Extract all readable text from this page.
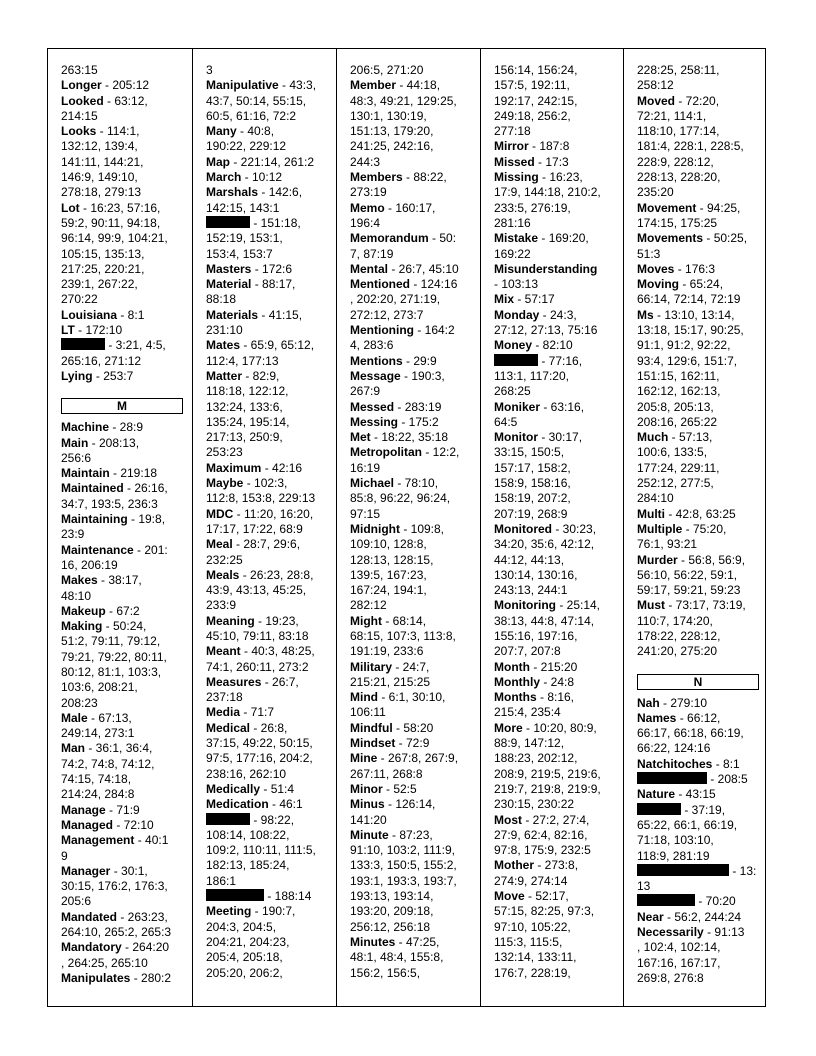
263:15
Longer - 205:12
Looked - 63:12,
214:15
Looks - 114:1,
132:12, 139:4,
141:11, 144:21,
146:9, 149:10,
278:18, 279:13
Lot - 16:23, 57:16,
59:2, 90:11, 94:18,
96:14, 99:9, 104:21,
105:15, 135:13,
217:25, 220:21,
239:1, 267:22,
270:22
Louisiana - 8:1
LT - 172:10
- 3:21, 4:5,
265:16, 271:12
Lying - 253:7
M
Machine - 28:9
Main - 208:13,
256:6
Maintain - 219:18
Maintained - 26:16,
34:7, 193:5, 236:3
Maintaining - 19:8,
23:9
Maintenance - 201:
16, 206:19
Makes - 38:17,
48:10
Makeup - 67:2
Making - 50:24,
51:2, 79:11, 79:12,
79:21, 79:22, 80:11,
80:12, 81:1, 103:3,
103:6, 208:21,
208:23
Male - 67:13,
249:14, 273:1
Man - 36:1, 36:4,
74:2, 74:8, 74:12,
74:15, 74:18,
214:24, 284:8
Manage - 71:9
Managed - 72:10
Management - 40:1
9
Manager - 30:1,
30:15, 176:2, 176:3,
205:6
Mandated - 263:23,
264:10, 265:2, 265:3
Mandatory - 264:20
, 264:25, 265:10
Manipulates - 280:2
3
Manipulative - 43:3,
43:7, 50:14, 55:15,
60:5, 61:16, 72:2
Many - 40:8,
190:22, 229:12
Map - 221:14, 261:2
March - 10:12
Marshals - 142:6,
142:15, 143:1
- 151:18,
152:19, 153:1,
153:4, 153:7
Masters - 172:6
Material - 88:17,
88:18
Materials - 41:15,
231:10
Mates - 65:9, 65:12,
112:4, 177:13
Matter - 82:9,
118:18, 122:12,
132:24, 133:6,
135:24, 195:14,
217:13, 250:9,
253:23
Maximum - 42:16
Maybe - 102:3,
112:8, 153:8, 229:13
MDC - 11:20, 16:20,
17:17, 17:22, 68:9
Meal - 28:7, 29:6,
232:25
Meals - 26:23, 28:8,
43:9, 43:13, 45:25,
233:9
Meaning - 19:23,
45:10, 79:11, 83:18
Meant - 40:3, 48:25,
74:1, 260:11, 273:2
Measures - 26:7,
237:18
Media - 71:7
Medical - 26:8,
37:15, 49:22, 50:15,
97:5, 177:16, 204:2,
238:16, 262:10
Medically - 51:4
Medication - 46:1
- 98:22,
108:14, 108:22,
109:2, 110:11, 111:5,
182:13, 185:24,
186:1
- 188:14
Meeting - 190:7,
204:3, 204:5,
204:21, 204:23,
205:4, 205:18,
205:20, 206:2,
206:5, 271:20
Member - 44:18,
48:3, 49:21, 129:25,
130:1, 130:19,
151:13, 179:20,
241:25, 242:16,
244:3
Members - 88:22,
273:19
Memo - 160:17,
196:4
Memorandum - 50:
7, 87:19
Mental - 26:7, 45:10
Mentioned - 124:16
, 202:20, 271:19,
272:12, 273:7
Mentioning - 164:2
4, 283:6
Mentions - 29:9
Message - 190:3,
267:9
Messed - 283:19
Messing - 175:2
Met - 18:22, 35:18
Metropolitan - 12:2,
16:19
Michael - 78:10,
85:8, 96:22, 96:24,
97:15
Midnight - 109:8,
109:10, 128:8,
128:13, 128:15,
139:5, 167:23,
167:24, 194:1,
282:12
Might - 68:14,
68:15, 107:3, 113:8,
191:19, 233:6
Military - 24:7,
215:21, 215:25
Mind - 6:1, 30:10,
106:11
Mindful - 58:20
Mindset - 72:9
Mine - 267:8, 267:9,
267:11, 268:8
Minor - 52:5
Minus - 126:14,
141:20
Minute - 87:23,
91:10, 103:2, 111:9,
133:3, 150:5, 155:2,
193:1, 193:3, 193:7,
193:13, 193:14,
193:20, 209:18,
256:12, 256:18
Minutes - 47:25,
48:1, 48:4, 155:8,
156:2, 156:5,
156:14, 156:24,
157:5, 192:11,
192:17, 242:15,
249:18, 256:2,
277:18
Mirror - 187:8
Missed - 17:3
Missing - 16:23,
17:9, 144:18, 210:2,
233:5, 276:19,
281:16
Mistake - 169:20,
169:22
Misunderstanding
- 103:13
Mix - 57:17
Monday - 24:3,
27:12, 27:13, 75:16
Money - 82:10
- 77:16,
113:1, 117:20,
268:25
Moniker - 63:16,
64:5
Monitor - 30:17,
33:15, 150:5,
157:17, 158:2,
158:9, 158:16,
158:19, 207:2,
207:19, 268:9
Monitored - 30:23,
34:20, 35:6, 42:12,
44:12, 44:13,
130:14, 130:16,
243:13, 244:1
Monitoring - 25:14,
38:13, 44:8, 47:14,
155:16, 197:16,
207:7, 207:8
Month - 215:20
Monthly - 24:8
Months - 8:16,
215:4, 235:4
More - 10:20, 80:9,
88:9, 147:12,
188:23, 202:12,
208:9, 219:5, 219:6,
219:7, 219:8, 219:9,
230:15, 230:22
Most - 27:2, 27:4,
27:9, 62:4, 82:16,
97:8, 175:9, 232:5
Mother - 273:8,
274:9, 274:14
Move - 52:17,
57:15, 82:25, 97:3,
97:10, 105:22,
115:3, 115:5,
132:14, 133:11,
176:7, 228:19,
228:25, 258:11,
258:12
Moved - 72:20,
72:21, 114:1,
118:10, 177:14,
181:4, 228:1, 228:5,
228:9, 228:12,
228:13, 228:20,
235:20
Movement - 94:25,
174:15, 175:25
Movements - 50:25,
51:3
Moves - 176:3
Moving - 65:24,
66:14, 72:14, 72:19
Ms - 13:10, 13:14,
13:18, 15:17, 90:25,
91:1, 91:2, 92:22,
93:4, 129:6, 151:7,
151:15, 162:11,
162:12, 162:13,
205:8, 205:13,
208:16, 265:22
Much - 57:13,
100:6, 133:5,
177:24, 229:11,
252:12, 277:5,
284:10
Multi - 42:8, 63:25
Multiple - 75:20,
76:1, 93:21
Murder - 56:8, 56:9,
56:10, 56:22, 59:1,
59:17, 59:21, 59:23
Must - 73:17, 73:19,
110:7, 174:20,
178:22, 228:12,
241:20, 275:20
N
Nah - 279:10
Names - 66:12,
66:17, 66:18, 66:19,
66:22, 124:16
Natchitoches - 8:1
- 208:5
Nature - 43:15
- 37:19,
65:22, 66:1, 66:19,
71:18, 103:10,
118:9, 281:19
- 13:
13
- 70:20
Near - 56:2, 244:24
Necessarily - 91:13
, 102:4, 102:14,
167:16, 167:17,
269:8, 276:8
